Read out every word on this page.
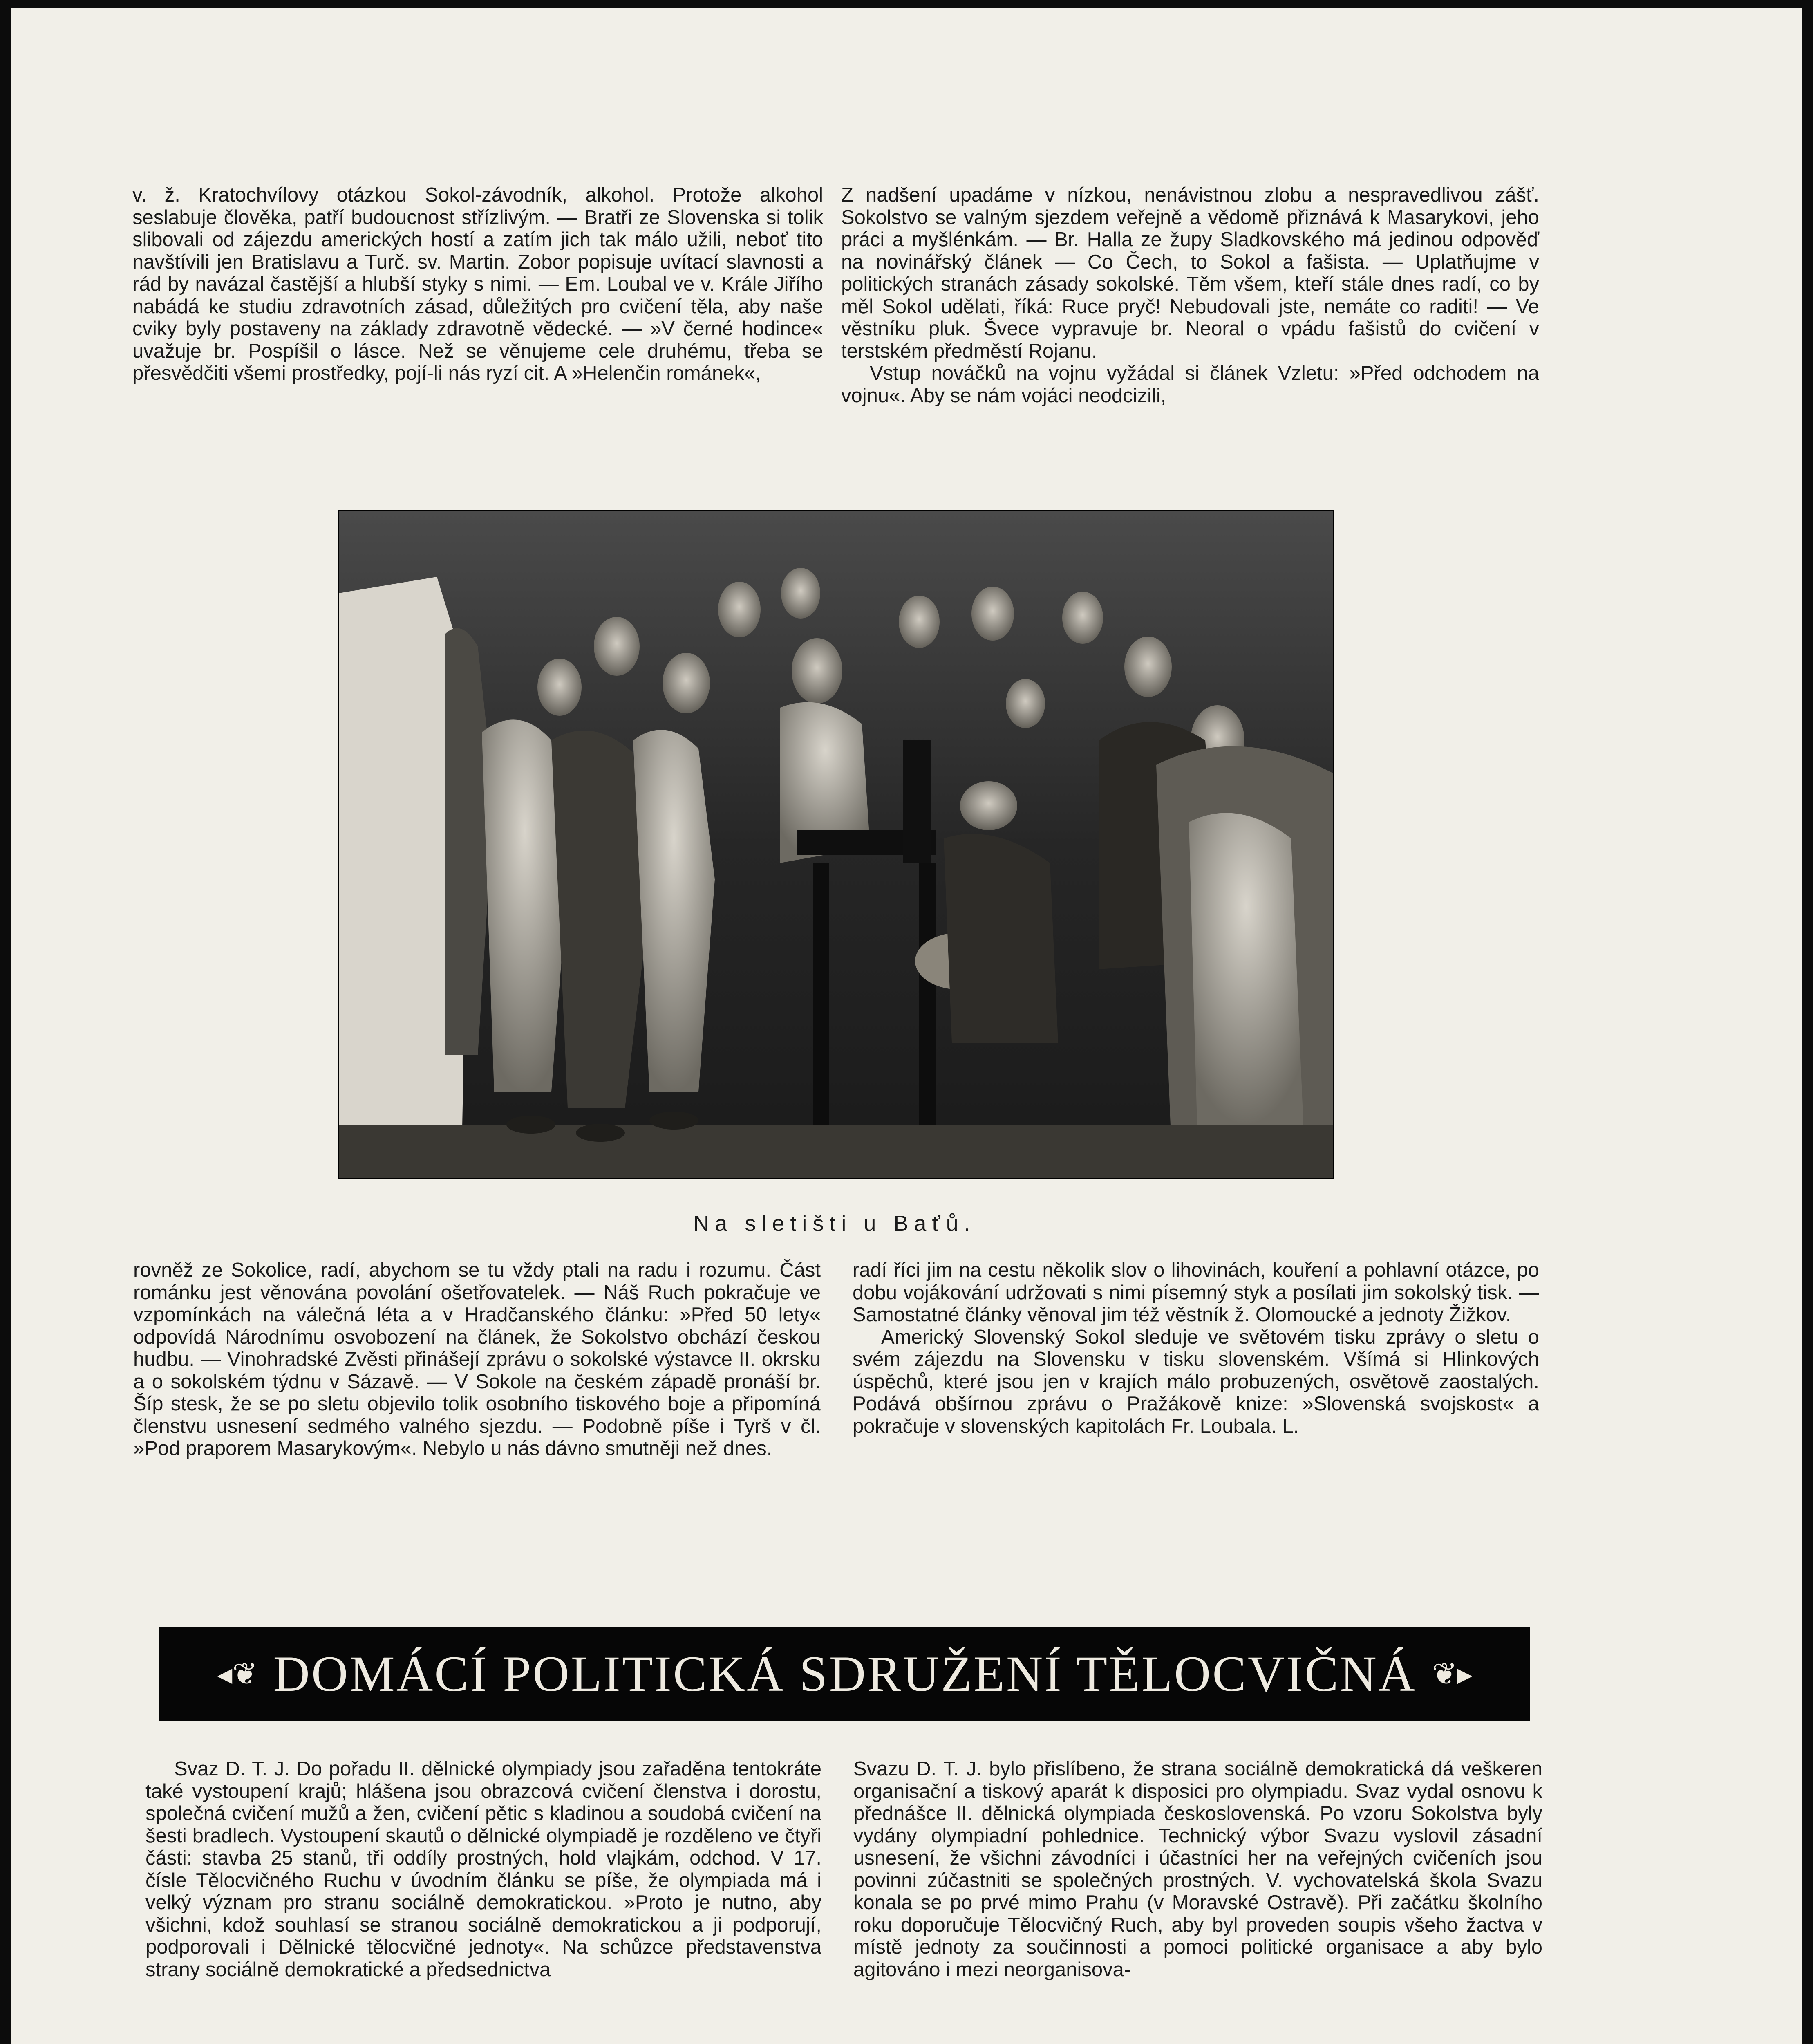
v. ž. Kratochvílovy otázkou Sokol-závodník, alkohol. Protože alkohol seslabuje člověka, patří budoucnost střízlivým. — Bratři ze Slovenska si tolik slibovali od zájezdu amerických hostí a zatím jich tak málo užili, neboť tito navštívili jen Bratislavu a Turč. sv. Martin. Zobor popisuje uvítací slavnosti a rád by navázal častější a hlubší styky s nimi. — Em. Loubal ve v. Krále Jiřího nabádá ke studiu zdravotních zásad, důležitých pro cvičení těla, aby naše cviky byly postaveny na základy zdravotně vědecké. — »V černé hodince« uvažuje br. Pospíšil o lásce. Než se věnujeme cele druhému, třeba se přesvědčiti všemi prostředky, pojí-li nás ryzí cit. A »Helenčin románek«,

Z nadšení upadáme v nízkou, nenávistnou zlobu a nespravedlivou zášť. Sokolstvo se valným sjezdem veřejně a vědomě přiznává k Masarykovi, jeho práci a myšlénkám. — Br. Halla ze župy Sladkovského má jedinou odpověď na novinářský článek — Co Čech, to Sokol a fašista. — Uplatňujme v politických stranách zásady sokolské. Těm všem, kteří stále dnes radí, co by měl Sokol udělati, říká: Ruce pryč! Nebudovali jste, nemáte co raditi! — Ve věstníku pluk. Švece vypravuje br. Neoral o vpádu fašistů do cvičení v terstském předměstí Rojanu.

Vstup nováčků na vojnu vyžádal si článek Vzletu: »Před odchodem na vojnu«. Aby se nám vojáci neodcizili,

Na sletišti u Baťů.

rovněž ze Sokolice, radí, abychom se tu vždy ptali na radu i rozumu. Část románku jest věnována povolání ošetřovatelek. — Náš Ruch pokračuje ve vzpomínkách na válečná léta a v Hradčanského článku: »Před 50 lety« odpovídá Národnímu osvobození na článek, že Sokolstvo obchází českou hudbu. — Vinohradské Zvěsti přinášejí zprávu o sokolské výstavce II. okrsku a o sokolském týdnu v Sázavě. — V Sokole na českém západě pronáší br. Šíp stesk, že se po sletu objevilo tolik osobního tiskového boje a připomíná členstvu usnesení sedmého valného sjezdu. — Podobně píše i Tyrš v čl. »Pod praporem Masarykovým«. Nebylo u nás dávno smutněji než dnes.

radí říci jim na cestu několik slov o lihovinách, kouření a pohlavní otázce, po dobu vojákování udržovati s nimi písemný styk a posílati jim sokolský tisk. — Samostatné články věnoval jim též věstník ž. Olomoucké a jednoty Žižkov.

Americký Slovenský Sokol sleduje ve světovém tisku zprávy o sletu o svém zájezdu na Slovensku v tisku slovenském. Všímá si Hlinkových úspěchů, které jsou jen v krajích málo probuzených, osvětově zaostalých. Podává obšírnou zprávu o Pražákově knize: »Slovenská svojskost« a pokračuje v slovenských kapitolách Fr. Loubala. L.

◂❦ DOMÁCÍ POLITICKÁ SDRUŽENÍ TĚLOCVIČNÁ ❦▸

Svaz D. T. J. Do pořadu II. dělnické olympiady jsou zařaděna tentokráte také vystoupení krajů; hlášena jsou obrazcová cvičení členstva i dorostu, společná cvičení mužů a žen, cvičení pětic s kladinou a soudobá cvičení na šesti bradlech. Vystoupení skautů o dělnické olympiadě je rozděleno ve čtyři části: stavba 25 stanů, tři oddíly prostných, hold vlajkám, odchod. V 17. čísle Tělocvičného Ruchu v úvodním článku se píše, že olympiada má i velký význam pro stranu sociálně demokratickou. »Proto je nutno, aby všichni, kdož souhlasí se stranou sociálně demokratickou a ji podporují, podporovali i Dělnické tělocvičné jednoty«. Na schůzce představenstva strany sociálně demokratické a předsednictva

Svazu D. T. J. bylo přislíbeno, že strana sociálně demokratická dá veškeren organisační a tiskový aparát k disposici pro olympiadu. Svaz vydal osnovu k přednášce II. dělnická olympiada československá. Po vzoru Sokolstva byly vydány olympiadní pohlednice. Technický výbor Svazu vyslovil zásadní usnesení, že všichni závodníci i účastníci her na veřejných cvičeních jsou povinni zúčastniti se společných prostných. V. vychovatelská škola Svazu konala se po prvé mimo Prahu (v Moravské Ostravě). Při začátku školního roku doporučuje Tělocvičný Ruch, aby byl proveden soupis všeho žactva v místě jednoty za součinnosti a pomoci politické organisace a aby bylo agitováno i mezi neorganisova-
